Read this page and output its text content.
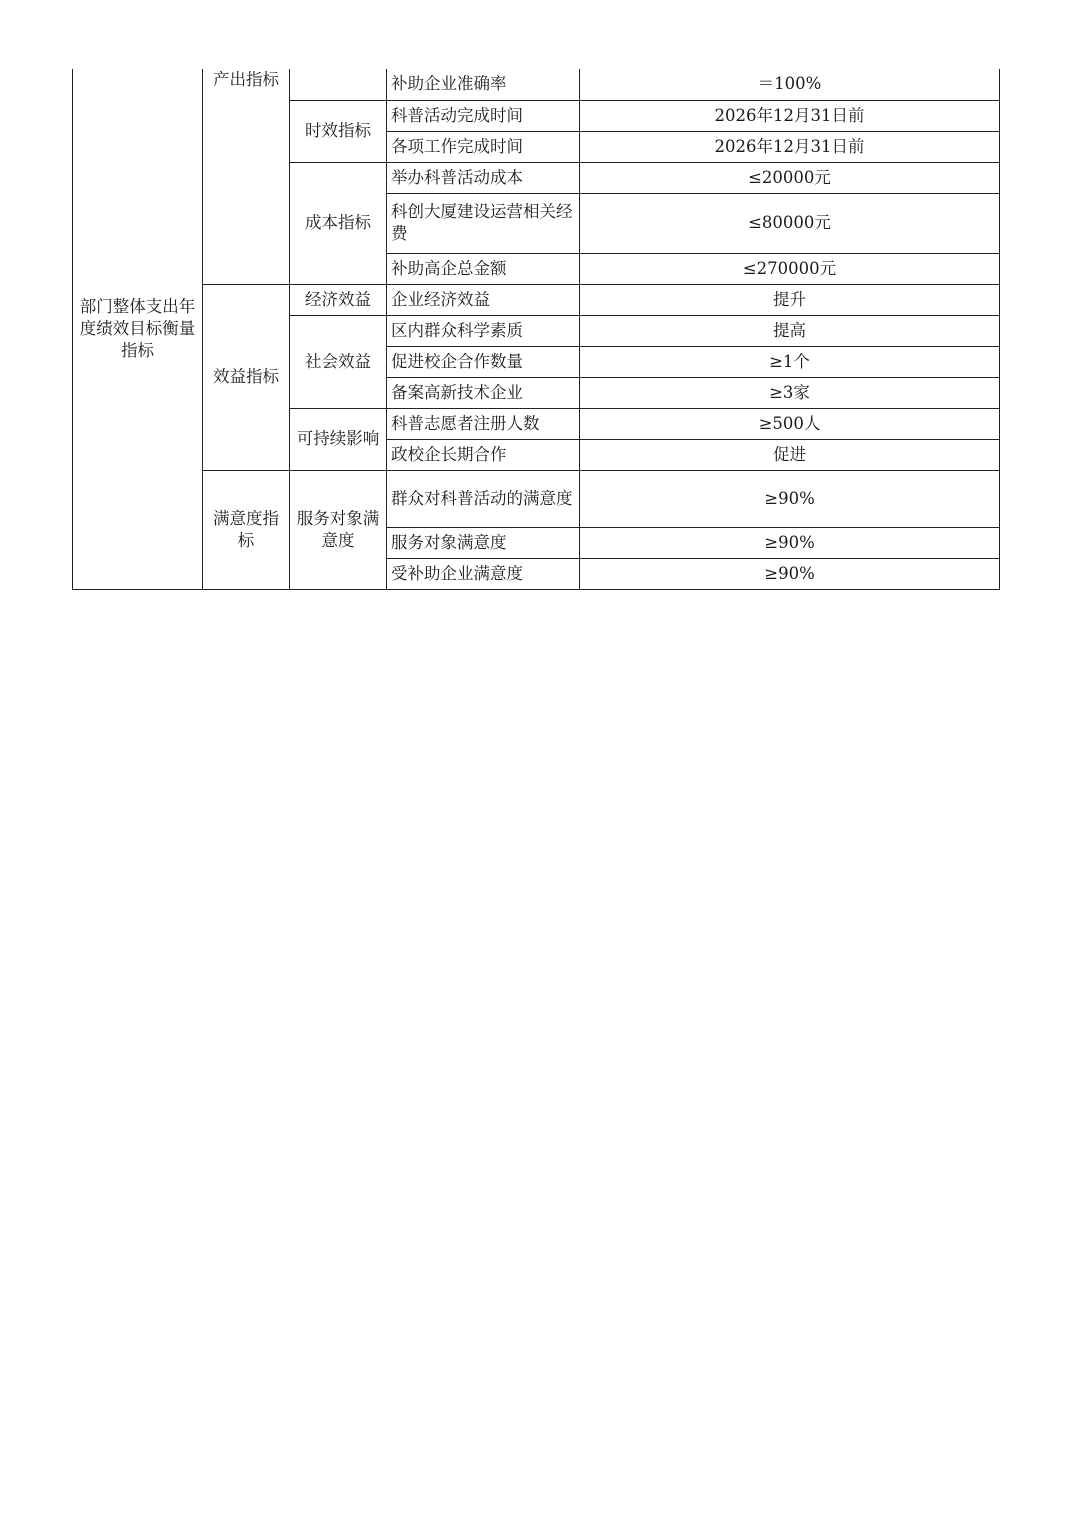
部门整体支出年度绩效目标衡量指标	产出指标		补助企业准确率	＝100%
		时效指标	科普活动完成时间	2026年12月31日前
			各项工作完成时间	2026年12月31日前
		成本指标	举办科普活动成本	≤20000元
			科创大厦建设运营相关经费	≤80000元
			补助高企总金额	≤270000元
	效益指标	经济效益	企业经济效益	提升
		社会效益	区内群众科学素质	提高
			促进校企合作数量	≥1个
			备案高新技术企业	≥3家
		可持续影响	科普志愿者注册人数	≥500人
			政校企长期合作	促进
	满意度指标	服务对象满意度	群众对科普活动的满意度	≥90%
			服务对象满意度	≥90%
			受补助企业满意度	≥90%
